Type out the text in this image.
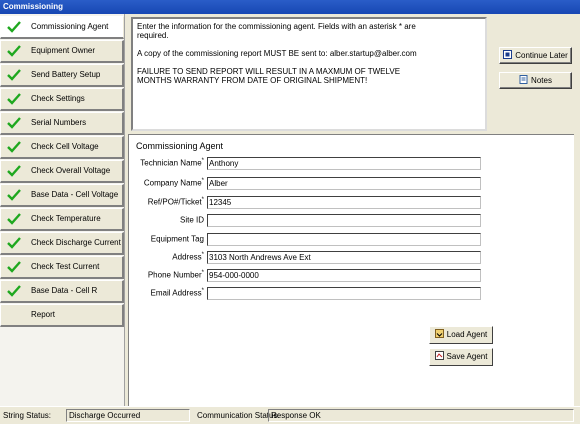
Commissioning
Commissioning Agent
Equipment Owner
Send Battery Setup
Check Settings
Serial Numbers
Check Cell Voltage
Check Overall Voltage
Base Data - Cell Voltage
Check Temperature
Check Discharge Current
Check Test Current
Base Data - Cell R
Report

Enter the information for the commissioning agent. Fields with an asterisk * are
required.

A copy of the commissioning report MUST BE sent to: alber.startup@alber.com

FAILURE TO SEND REPORT WILL RESULT IN A MAXMUM OF TWELVE
MONTHS WARRANTY FROM DATE OF ORIGINAL SHIPMENT!

Continue Later
Notes
Commissioning Agent
Technician Name*
Anthony
Company Name*
Alber
Ref/PO#/Ticket*
12345
Site ID
Equipment Tag
Address*
3103 North Andrews Ave Ext
Phone Number*
954-000-0000
Email Address*
Load Agent
Save Agent
String Status:	Discharge Occurred	Communication Status:
Response OK
